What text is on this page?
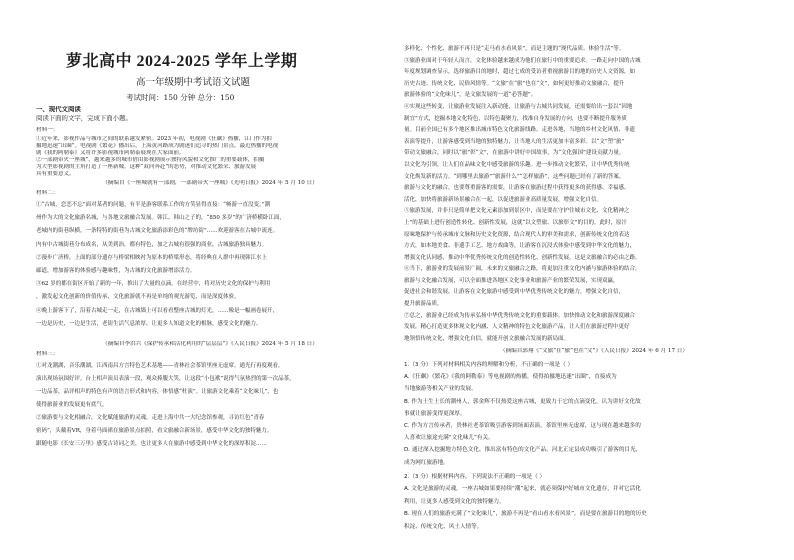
萝北高中 2024-2025 学年上学期
高一年级期中考试语文试题
考试时间：150 分钟 总分：150
一、现代文阅读
阅读下面的文字，完成下面小题。
材料一：

①近年来，影视作品与城市之间的联系越发紧密。2023 年初，电视剧《狂飙》热播，江门作为拍

摄地迅速“出圈”。电视剧《繁花》播出后，上海黄河路成为剧迷们追寻的热门景点。最近热播的电视

剧《我的阿勒泰》又将许多影视城市阿勒泰展现在大家面前。

②一部剧带火一座城”，越来越多的城市借由影视剧展示独特风貌和文化推广的重要载体，拍摄

为大型影视剧的主角打造了一座新城。这种“双向奔赴”的态势，对推动文化繁荣、旅游发展

具有重要意义。

（摘编自《一座城就有一部剧，一部剧带火一座城》《光明日报》2024 年 5 月 10 日）
材料二：

①“古城，恋恋不忘”面对某者的问题，有半是游客联系工作的方笑显得直接：“畅游一直没变。”潮

州作为大的文化旅游名城，与各地文旅融合发展。韩江、韩山之子的，“850 多岁”的广济桥横卧江面，

老城内的街巷纵横，一条特特的街巷为古城文化旅游添彩色的“牌坊街”……欢迎游客在古城中流连。

内有中古城街巷分布成名，从美到治，都有特色，加之古城有很强的商业，古城旅游独具魅力。

②漫步广济桥，上面的部分遗存与桥梁相映衬为原本的桥梁形态，将经典在人群中再现韩江水上

廊道，增加游客的体验感与趣味性，为古城的文化旅游增添活力。

③62 岁的都在街区开始了新的一年，推出了大量的点滴。在经营中，将对历史文化的保护与利用

，激发起文化创新的价值传承，文化旅游就不再是单纯的观光游览，而是深度体验。

④晚上游客下了，沿着古城走一走，在古城墙上可以看看整座古城的灯光，……像是一幅画卷展开，

一边是历史，一边是生活，老街生活气息浓厚，让更多人知道文化的根脉，感受文化的魅力。

（摘编自李洪兴《保护传承和活化利用的“层层层”》《人民日报》2024 年 5 月 18 日）
材料三：

①对龙潮湖，音乐潮湖，江西南昌方言特色艺术基地——青林社会茶馆里座无虚席。通光行再度观看，

演出现场氛围好评。台上相声演员表演一段，观众捧腹大笑，让这段“小包袱”说得气氛热烈的第一次品茶，

一边品茶，品评相声的特色有声的语言形式和内容，体悟感“杜演”。让旅游文化乘着“文化味儿”，也

使得旅游业的发展更有底气。

②旅游要与文化相融合，文化赋能旅游的灵魂，走进上海中共一大纪念馆参观，寻访红色“青春

密码”，头戴着VR，身着马面裙在旅游景点拍照，看文旅融合新场景，感受中华文化的独特魅力。

跟随电影《长安三万里》感受古诗词之美，也让更多人在旅游中感受到中华文化的深厚积淀……

多样化、个性化、旅游不再只是“走马看水看风景”，而是主题的“现代品质、体验生活”等。

③旅游业面对于年轻人而言，文化体验越来越成为他们在旅行中的重要追求。一路走向中国的古城

年度规划调查显示，选择旅游目的地时，超过七成的受访者重视旅游目的地的历史人文资源，如

历史古迹、传统文化、民俗风情等。“文旅”在“旅”也在“文”，如何更好推动文旅融合，提升

旅游体验的“文化味儿”，是文旅发展的一道“必答题”。

④实现这些转变，让旅游业发展注入新动能，让旅游与古城共同发展，还需要给出一套以“因地

制宜”方式，挖掘本地文化特色，以特色凝聚力，找准自身发展的方向，也要不断提升服务质

量。目前全国已有多个地区推出城市特色文化旅游线路。走进各地，当地的乡村文化风情、非遗

表演等提升，让游客感受到当地的独特魅力，让当地人的生活更加丰富多彩。以“文”塑“旅”

带动文旅融合，同时以“旅”彰“文”，在旅游中讲好中国故事，为“文化强国”建设贡献力量。

以文化为引领，让人们在品味文化中感受旅游的乐趣。进一步推动文化繁荣，让中华优秀传统

文化焕发新的活力。“到哪里去旅游”“旅游什么”“怎样旅游”，这些问题已经有了新的答案。

旅游与文化的融合，也要尊重游客的需要，让游客在旅游过程中获得更多的获得感、幸福感。

活化，加快将旅游新场景融合在一起，以促进旅游业高质量发展，增强文化自信。

⑤旅游发展，并非只是简单把文化元素添加到景区中，而是要在守护住城市文化、文化精神之

上”的基础上进行创造性转化、创新性发展，这就“以文塑旅、以旅彰文”的目的。此时，原汁

原味地保护与传承城市文脉和历史文化资源，结合现代人的审美和需求，创新传统文化的表达

方式，如本地美食、非遗手工艺、地方戏曲等，让游客在沉浸式体验中感受到中华文化的魅力，

增强文化认同感，推动中华优秀传统文化的创造性转化、创新性发展，这是文旅融合的必由之路。

⑥当下，旅游业的发展前景广阔，未来的文旅融合之路，将更加注重文化内涵与旅游体验的结合。

旅游与文化融合发展，可以全面推进各地区文化事业和旅游产业的繁荣发展，实现双赢，

促进社会和谐发展，让游客在文化旅游中感受到中华优秀传统文化的魅力，增强文化自信，

提升旅游品质。

⑦总之，旅游业已经成为传承弘扬中华优秀传统文化的重要载体。加快推动文化和旅游深度融合

发展，精心打造更多体现文化内涵、人文精神的特色文化旅游产品，让人们在旅游过程中更好

地领悟传统文化，增强文化自信，就能开创文旅融合发展的新局面。

（摘编自郭翔《“文旅”在“旅”也在“文”》《人民日报》2024 年 6 月 17 日）

1.（3 分）下列对材料相关内容的理解和分析，不正确的一项是（ ）

A.《狂飙》《繁花》《我的阿勒泰》等电视剧的热播，使得拍摄地迅速“出圈”，直接成为

当地旅游等相关产业的发展。

B. 作为土生土长的潮州人，郭金辉不仅热爱这座古城，更致力于它的点滴变化，认为讲好文化故

事就让旅游变得更深厚。

C. 作为方言传承者，贵林社老茶馆吸引游客到场面表演，茶馆里座无虚席，这与现在越来越多的

人喜欢让旅途充满“文化味儿”有关。

D. 通过深入挖掘地方特色文化，推出富有特色的文化产品，河北正定县成功吸引了游客的目光，

成为网红旅游地。

2.（3 分）根据材料内容，下列说法不正确的一项是（ ）

A. 文化是旅游的灵魂，一座古城如果要持续“潮”起来，就必须保护好城市文化遗存，并对它活化

利用，让更多人感受到文化的独特魅力。

B. 现在人们的旅游充满了“文化味儿”，旅游不再是“看山看水看风景”，而是要在旅游目的地的历史

积淀、传统文化、风土人情等。
